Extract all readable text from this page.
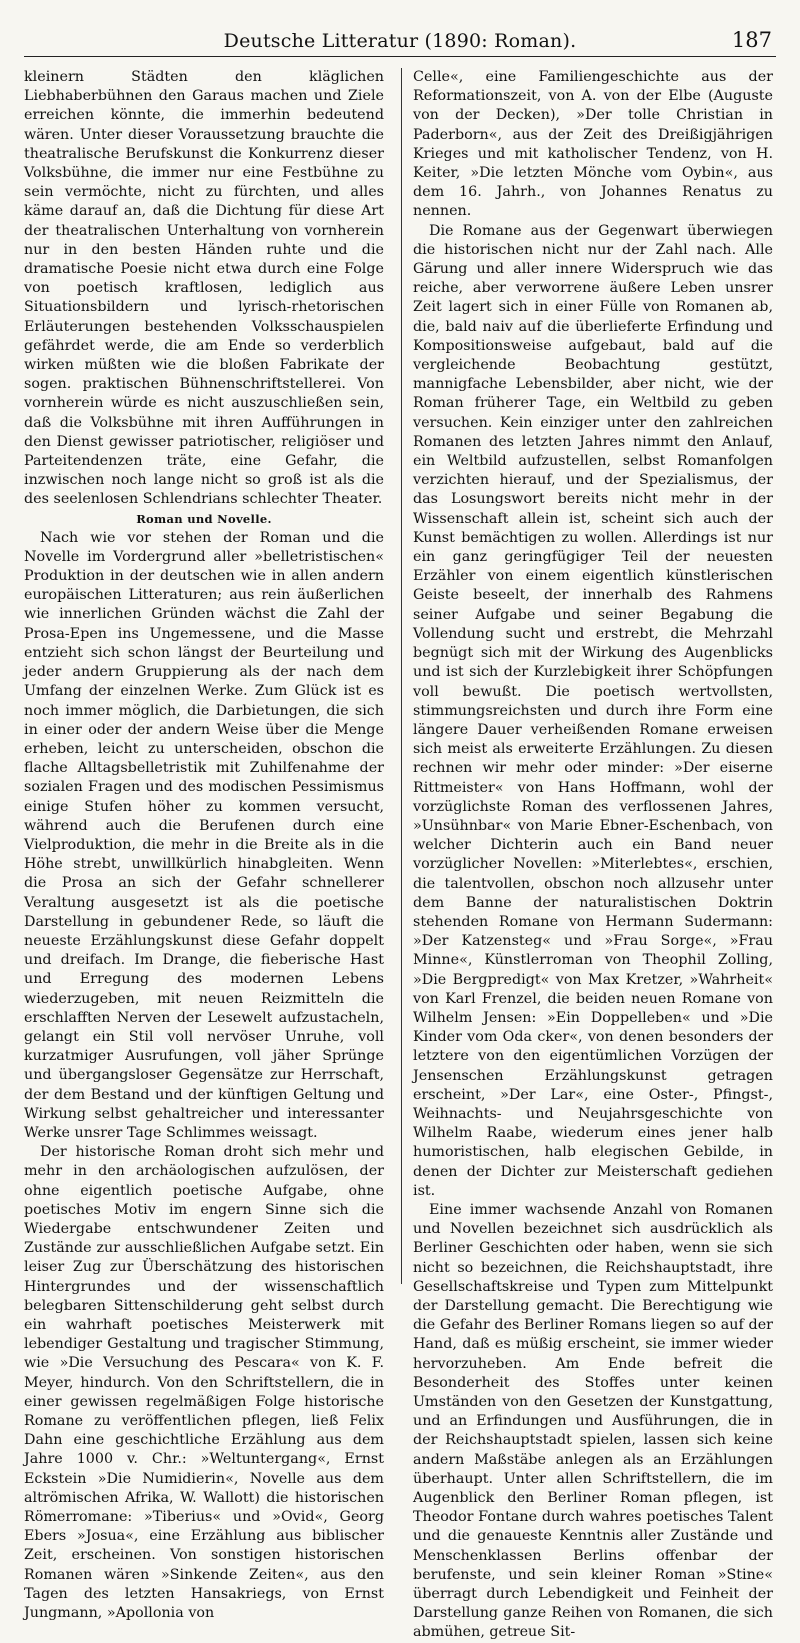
Deutsche Litteratur (1890: Roman).	187

kleinern Städten den kläglichen Liebhaberbühnen den Garaus machen und Ziele erreichen könnte, die immerhin bedeutend wären. Unter dieser Voraussetzung brauchte die theatralische Berufskunst die Konkurrenz dieser Volksbühne, die immer nur eine Festbühne zu sein vermöchte, nicht zu fürchten, und alles käme darauf an, daß die Dichtung für diese Art der theatralischen Unterhaltung von vornherein nur in den besten Händen ruhte und die dramatische Poesie nicht etwa durch eine Folge von poetisch kraftlosen, lediglich aus Situationsbildern und lyrisch-rhetorischen Erläuterungen bestehenden Volksschauspielen gefährdet werde, die am Ende so verderblich wirken müßten wie die bloßen Fabrikate der sogen. praktischen Bühnenschriftstellerei. Von vornherein würde es nicht auszuschließen sein, daß die Volksbühne mit ihren Aufführungen in den Dienst gewisser patriotischer, religiöser und Parteitendenzen träte, eine Gefahr, die inzwischen noch lange nicht so groß ist als die des seelenlosen Schlendrians schlechter Theater.

Roman und Novelle.

Nach wie vor stehen der Roman und die Novelle im Vordergrund aller »belletristischen« Produktion in der deutschen wie in allen andern europäischen Litteraturen; aus rein äußerlichen wie innerlichen Gründen wächst die Zahl der Prosa-Epen ins Ungemessene, und die Masse entzieht sich schon längst der Beurteilung und jeder andern Gruppierung als der nach dem Umfang der einzelnen Werke. Zum Glück ist es noch immer möglich, die Darbietungen, die sich in einer oder der andern Weise über die Menge erheben, leicht zu unterscheiden, obschon die flache Alltagsbelletristik mit Zuhilfenahme der sozialen Fragen und des modischen Pessimismus einige Stufen höher zu kommen versucht, während auch die Berufenen durch eine Vielproduktion, die mehr in die Breite als in die Höhe strebt, unwillkürlich hinabgleiten. Wenn die Prosa an sich der Gefahr schnellerer Veraltung ausgesetzt ist als die poetische Darstellung in gebundener Rede, so läuft die neueste Erzählungskunst diese Gefahr doppelt und dreifach. Im Drange, die fieberische Hast und Erregung des modernen Lebens wiederzugeben, mit neuen Reizmitteln die erschlafften Nerven der Lesewelt aufzustacheln, gelangt ein Stil voll nervöser Unruhe, voll kurzatmiger Ausrufungen, voll jäher Sprünge und übergangsloser Gegensätze zur Herrschaft, der dem Bestand und der künftigen Geltung und Wirkung selbst gehaltreicher und interessanter Werke unsrer Tage Schlimmes weissagt.

Der historische Roman droht sich mehr und mehr in den archäologischen aufzulösen, der ohne eigentlich poetische Aufgabe, ohne poetisches Motiv im engern Sinne sich die Wiedergabe entschwundener Zeiten und Zustände zur ausschließlichen Aufgabe setzt. Ein leiser Zug zur Überschätzung des historischen Hintergrundes und der wissenschaftlich belegbaren Sittenschilderung geht selbst durch ein wahrhaft poetisches Meisterwerk mit lebendiger Gestaltung und tragischer Stimmung, wie »Die Versuchung des Pescara« von K. F. Meyer, hindurch. Von den Schriftstellern, die in einer gewissen regelmäßigen Folge historische Romane zu veröffentlichen pflegen, ließ Felix Dahn eine geschichtliche Erzählung aus dem Jahre 1000 v. Chr.: »Weltuntergang«, Ernst Eckstein »Die Numidierin«, Novelle aus dem altrömischen Afrika, W. Wallott) die historischen Römerromane: »Tiberius« und »Ovid«, Georg Ebers »Josua«, eine Erzählung aus biblischer Zeit, erscheinen. Von sonstigen historischen Romanen wären »Sinkende Zeiten«, aus den Tagen des letzten Hansakriegs, von Ernst Jungmann, »Apollonia von

Celle«, eine Familiengeschichte aus der Reformationszeit, von A. von der Elbe (Auguste von der Decken), »Der tolle Christian in Paderborn«, aus der Zeit des Dreißigjährigen Krieges und mit katholischer Tendenz, von H. Keiter, »Die letzten Mönche vom Oybin«, aus dem 16. Jahrh., von Johannes Renatus zu nennen.

Die Romane aus der Gegenwart überwiegen die historischen nicht nur der Zahl nach. Alle Gärung und aller innere Widerspruch wie das reiche, aber verworrene äußere Leben unsrer Zeit lagert sich in einer Fülle von Romanen ab, die, bald naiv auf die überlieferte Erfindung und Kompositionsweise aufgebaut, bald auf die vergleichende Beobachtung gestützt, mannigfache Lebensbilder, aber nicht, wie der Roman früherer Tage, ein Weltbild zu geben versuchen. Kein einziger unter den zahlreichen Romanen des letzten Jahres nimmt den Anlauf, ein Weltbild aufzustellen, selbst Romanfolgen verzichten hierauf, und der Spezialismus, der das Losungswort bereits nicht mehr in der Wissenschaft allein ist, scheint sich auch der Kunst bemächtigen zu wollen. Allerdings ist nur ein ganz geringfügiger Teil der neuesten Erzähler von einem eigentlich künstlerischen Geiste beseelt, der innerhalb des Rahmens seiner Aufgabe und seiner Begabung die Vollendung sucht und erstrebt, die Mehrzahl begnügt sich mit der Wirkung des Augenblicks und ist sich der Kurzlebigkeit ihrer Schöpfungen voll bewußt. Die poetisch wertvollsten, stimmungsreichsten und durch ihre Form eine längere Dauer verheißenden Romane erweisen sich meist als erweiterte Erzählungen. Zu diesen rechnen wir mehr oder minder: »Der eiserne Rittmeister« von Hans Hoffmann, wohl der vorzüglichste Roman des verflossenen Jahres, »Unsühnbar« von Marie Ebner-Eschenbach, von welcher Dichterin auch ein Band neuer vorzüglicher Novellen: »Miterlebtes«, erschien, die talentvollen, obschon noch allzusehr unter dem Banne der naturalistischen Doktrin stehenden Romane von Hermann Sudermann: »Der Katzensteg« und »Frau Sorge«, »Frau Minne«, Künstlerroman von Theophil Zolling, »Die Bergpredigt« von Max Kretzer, »Wahrheit« von Karl Frenzel, die beiden neuen Romane von Wilhelm Jensen: »Ein Doppelleben« und »Die Kinder vom Oda cker«, von denen besonders der letztere von den eigentümlichen Vorzügen der Jensenschen Erzählungskunst getragen erscheint, »Der Lar«, eine Oster-, Pfingst-, Weihnachts- und Neujahrsgeschichte von Wilhelm Raabe, wiederum eines jener halb humoristischen, halb elegischen Gebilde, in denen der Dichter zur Meisterschaft gediehen ist.

Eine immer wachsende Anzahl von Romanen und Novellen bezeichnet sich ausdrücklich als Berliner Geschichten oder haben, wenn sie sich nicht so bezeichnen, die Reichshauptstadt, ihre Gesellschaftskreise und Typen zum Mittelpunkt der Darstellung gemacht. Die Berechtigung wie die Gefahr des Berliner Romans liegen so auf der Hand, daß es müßig erscheint, sie immer wieder hervorzuheben. Am Ende befreit die Besonderheit des Stoffes unter keinen Umständen von den Gesetzen der Kunstgattung, und an Erfindungen und Ausführungen, die in der Reichshauptstadt spielen, lassen sich keine andern Maßstäbe anlegen als an Erzählungen überhaupt. Unter allen Schriftstellern, die im Augenblick den Berliner Roman pflegen, ist Theodor Fontane durch wahres poetisches Talent und die genaueste Kenntnis aller Zustände und Menschenklassen Berlins offenbar der berufenste, und sein kleiner Roman »Stine« überragt durch Lebendigkeit und Feinheit der Darstellung ganze Reihen von Romanen, die sich abmühen, getreue Sit-
